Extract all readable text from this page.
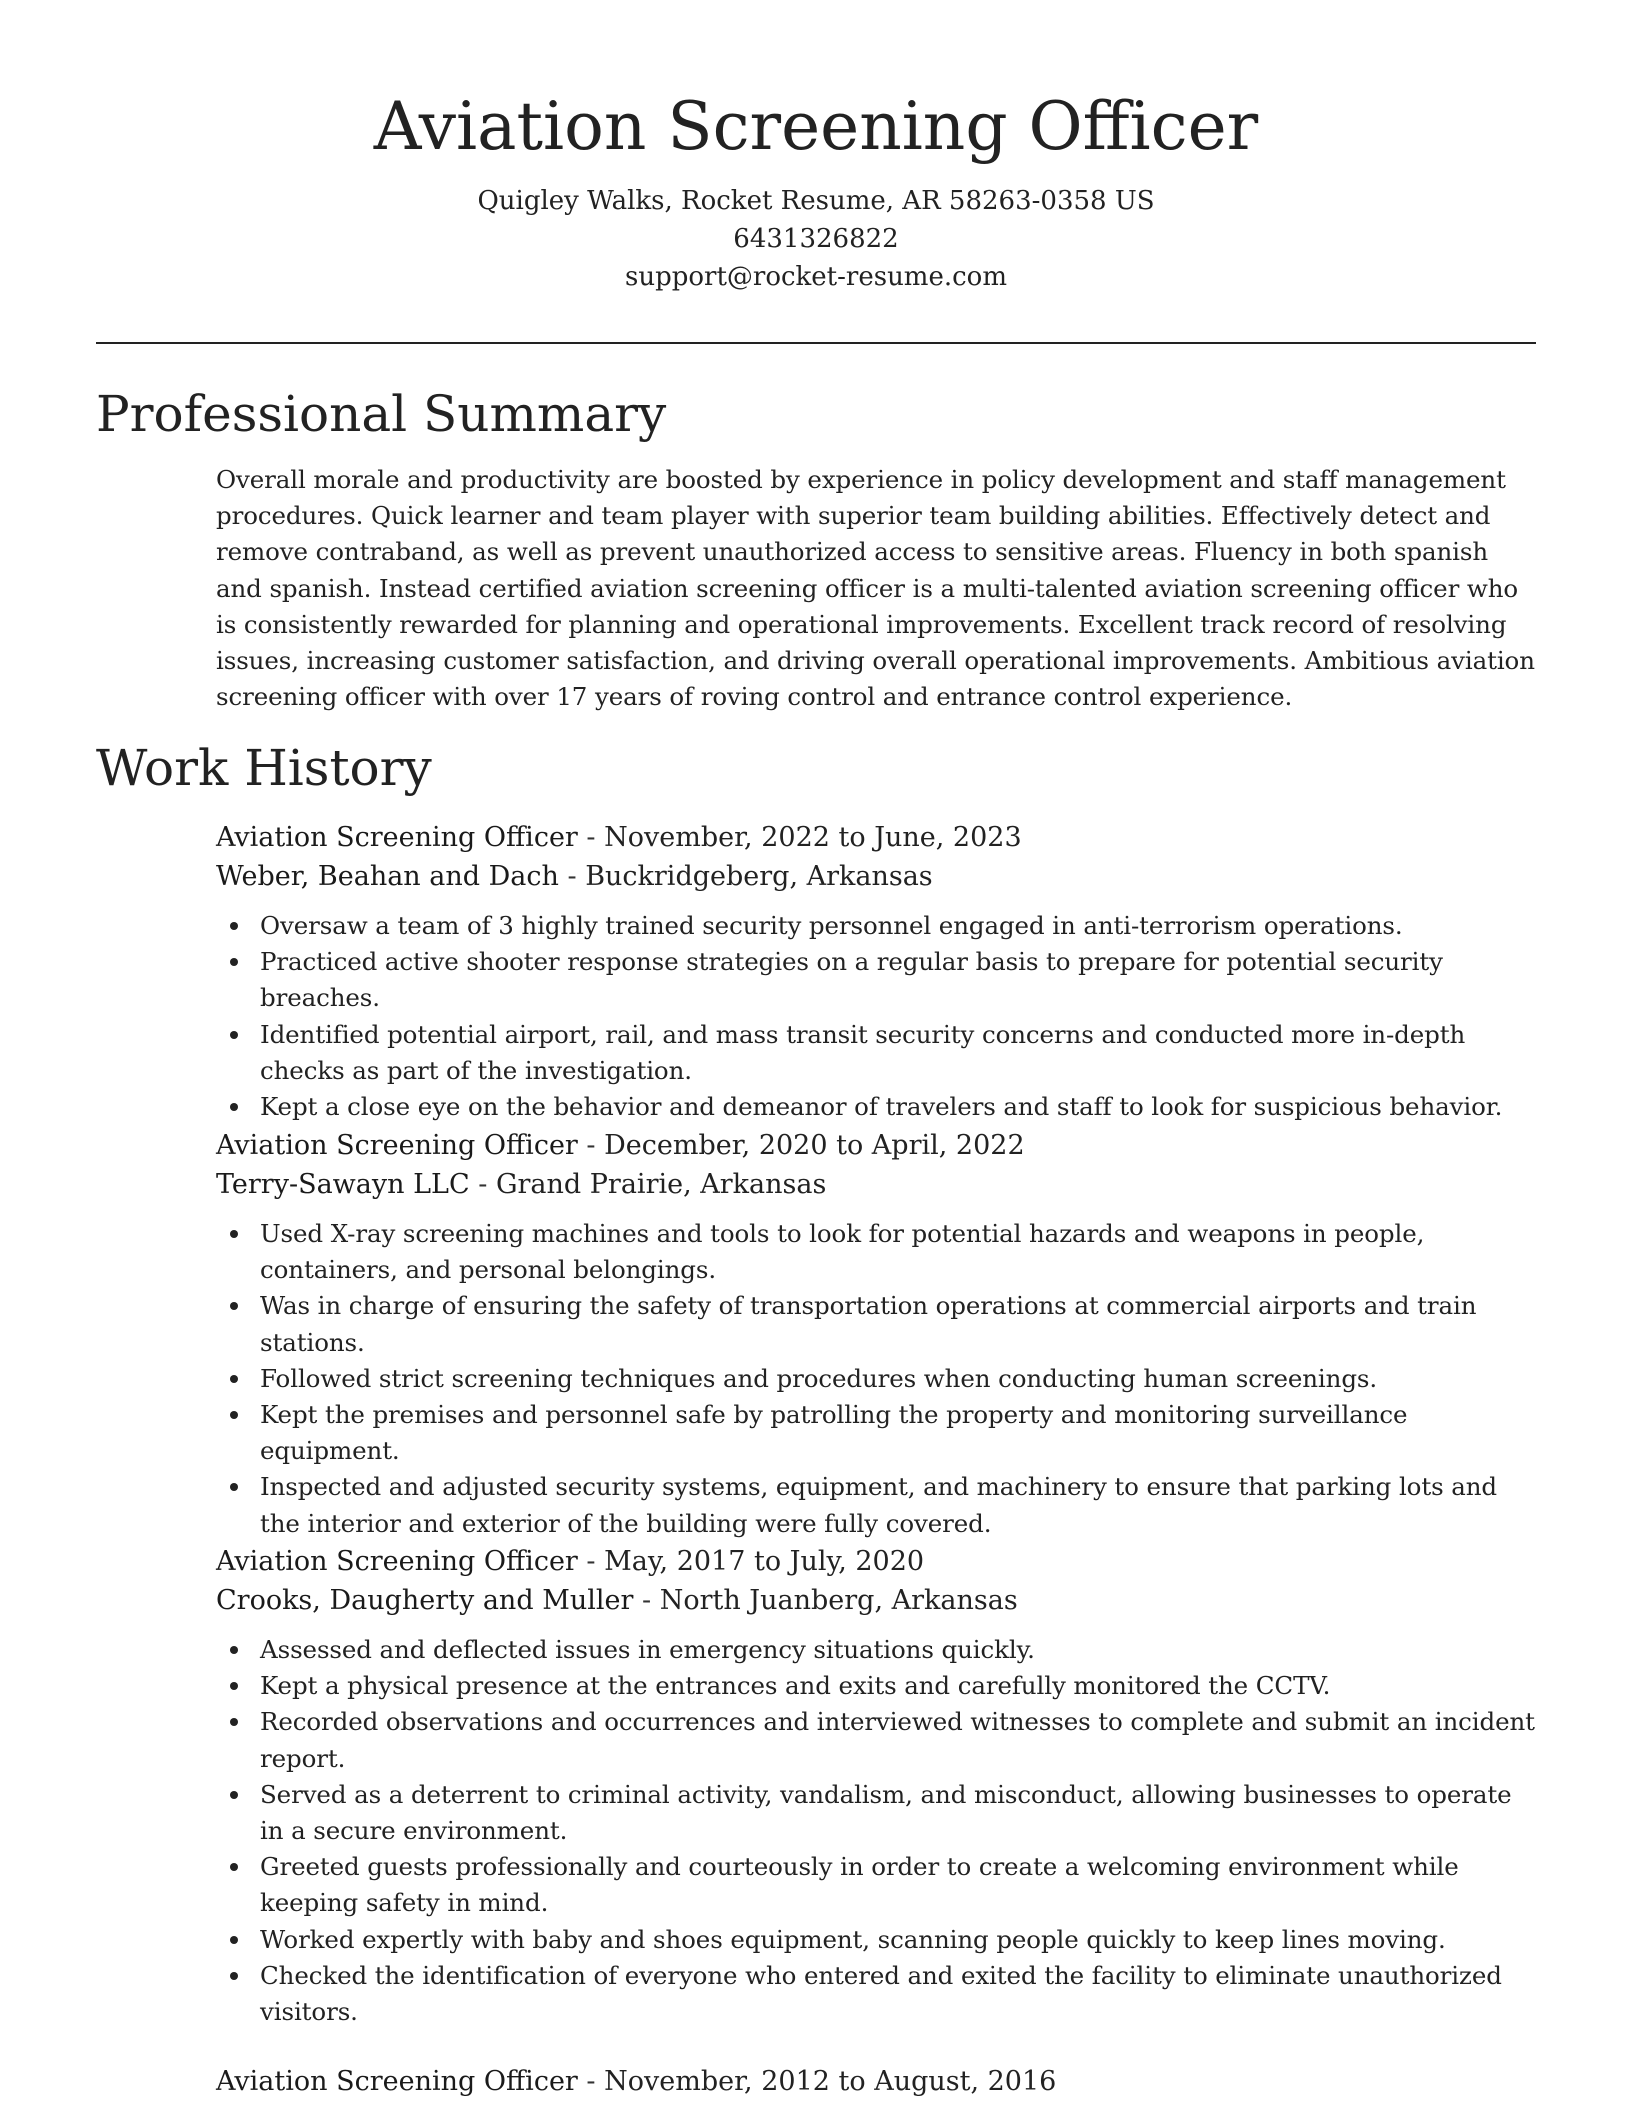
Aviation Screening Officer
Quigley Walks, Rocket Resume, AR 58263-0358 US
6431326822
support@rocket-resume.com
Professional Summary

Overall morale and productivity are boosted by experience in policy development and staff management procedures. Quick learner and team player with superior team building abilities. Effectively detect and remove contraband, as well as prevent unauthorized access to sensitive areas. Fluency in both spanish and spanish. Instead certified aviation screening officer is a multi-talented aviation screening officer who is consistently rewarded for planning and operational improvements. Excellent track record of resolving issues, increasing customer satisfaction, and driving overall operational improvements. Ambitious aviation screening officer with over 17 years of roving control and entrance control experience.

Work History
Aviation Screening Officer - November, 2022 to June, 2023
Weber, Beahan and Dach - Buckridgeberg, Arkansas
Oversaw a team of 3 highly trained security personnel engaged in anti-terrorism operations.
Practiced active shooter response strategies on a regular basis to prepare for potential security breaches.
Identified potential airport, rail, and mass transit security concerns and conducted more in-depth checks as part of the investigation.
Kept a close eye on the behavior and demeanor of travelers and staff to look for suspicious behavior.
Aviation Screening Officer - December, 2020 to April, 2022
Terry-Sawayn LLC - Grand Prairie, Arkansas
Used X-ray screening machines and tools to look for potential hazards and weapons in people, containers, and personal belongings.
Was in charge of ensuring the safety of transportation operations at commercial airports and train stations.
Followed strict screening techniques and procedures when conducting human screenings.
Kept the premises and personnel safe by patrolling the property and monitoring surveillance equipment.
Inspected and adjusted security systems, equipment, and machinery to ensure that parking lots and the interior and exterior of the building were fully covered.
Aviation Screening Officer - May, 2017 to July, 2020
Crooks, Daugherty and Muller - North Juanberg, Arkansas
Assessed and deflected issues in emergency situations quickly.
Kept a physical presence at the entrances and exits and carefully monitored the CCTV.
Recorded observations and occurrences and interviewed witnesses to complete and submit an incident report.
Served as a deterrent to criminal activity, vandalism, and misconduct, allowing businesses to operate in a secure environment.
Greeted guests professionally and courteously in order to create a welcoming environment while keeping safety in mind.
Worked expertly with baby and shoes equipment, scanning people quickly to keep lines moving.
Checked the identification of everyone who entered and exited the facility to eliminate unauthorized visitors.
Aviation Screening Officer - November, 2012 to August, 2016
